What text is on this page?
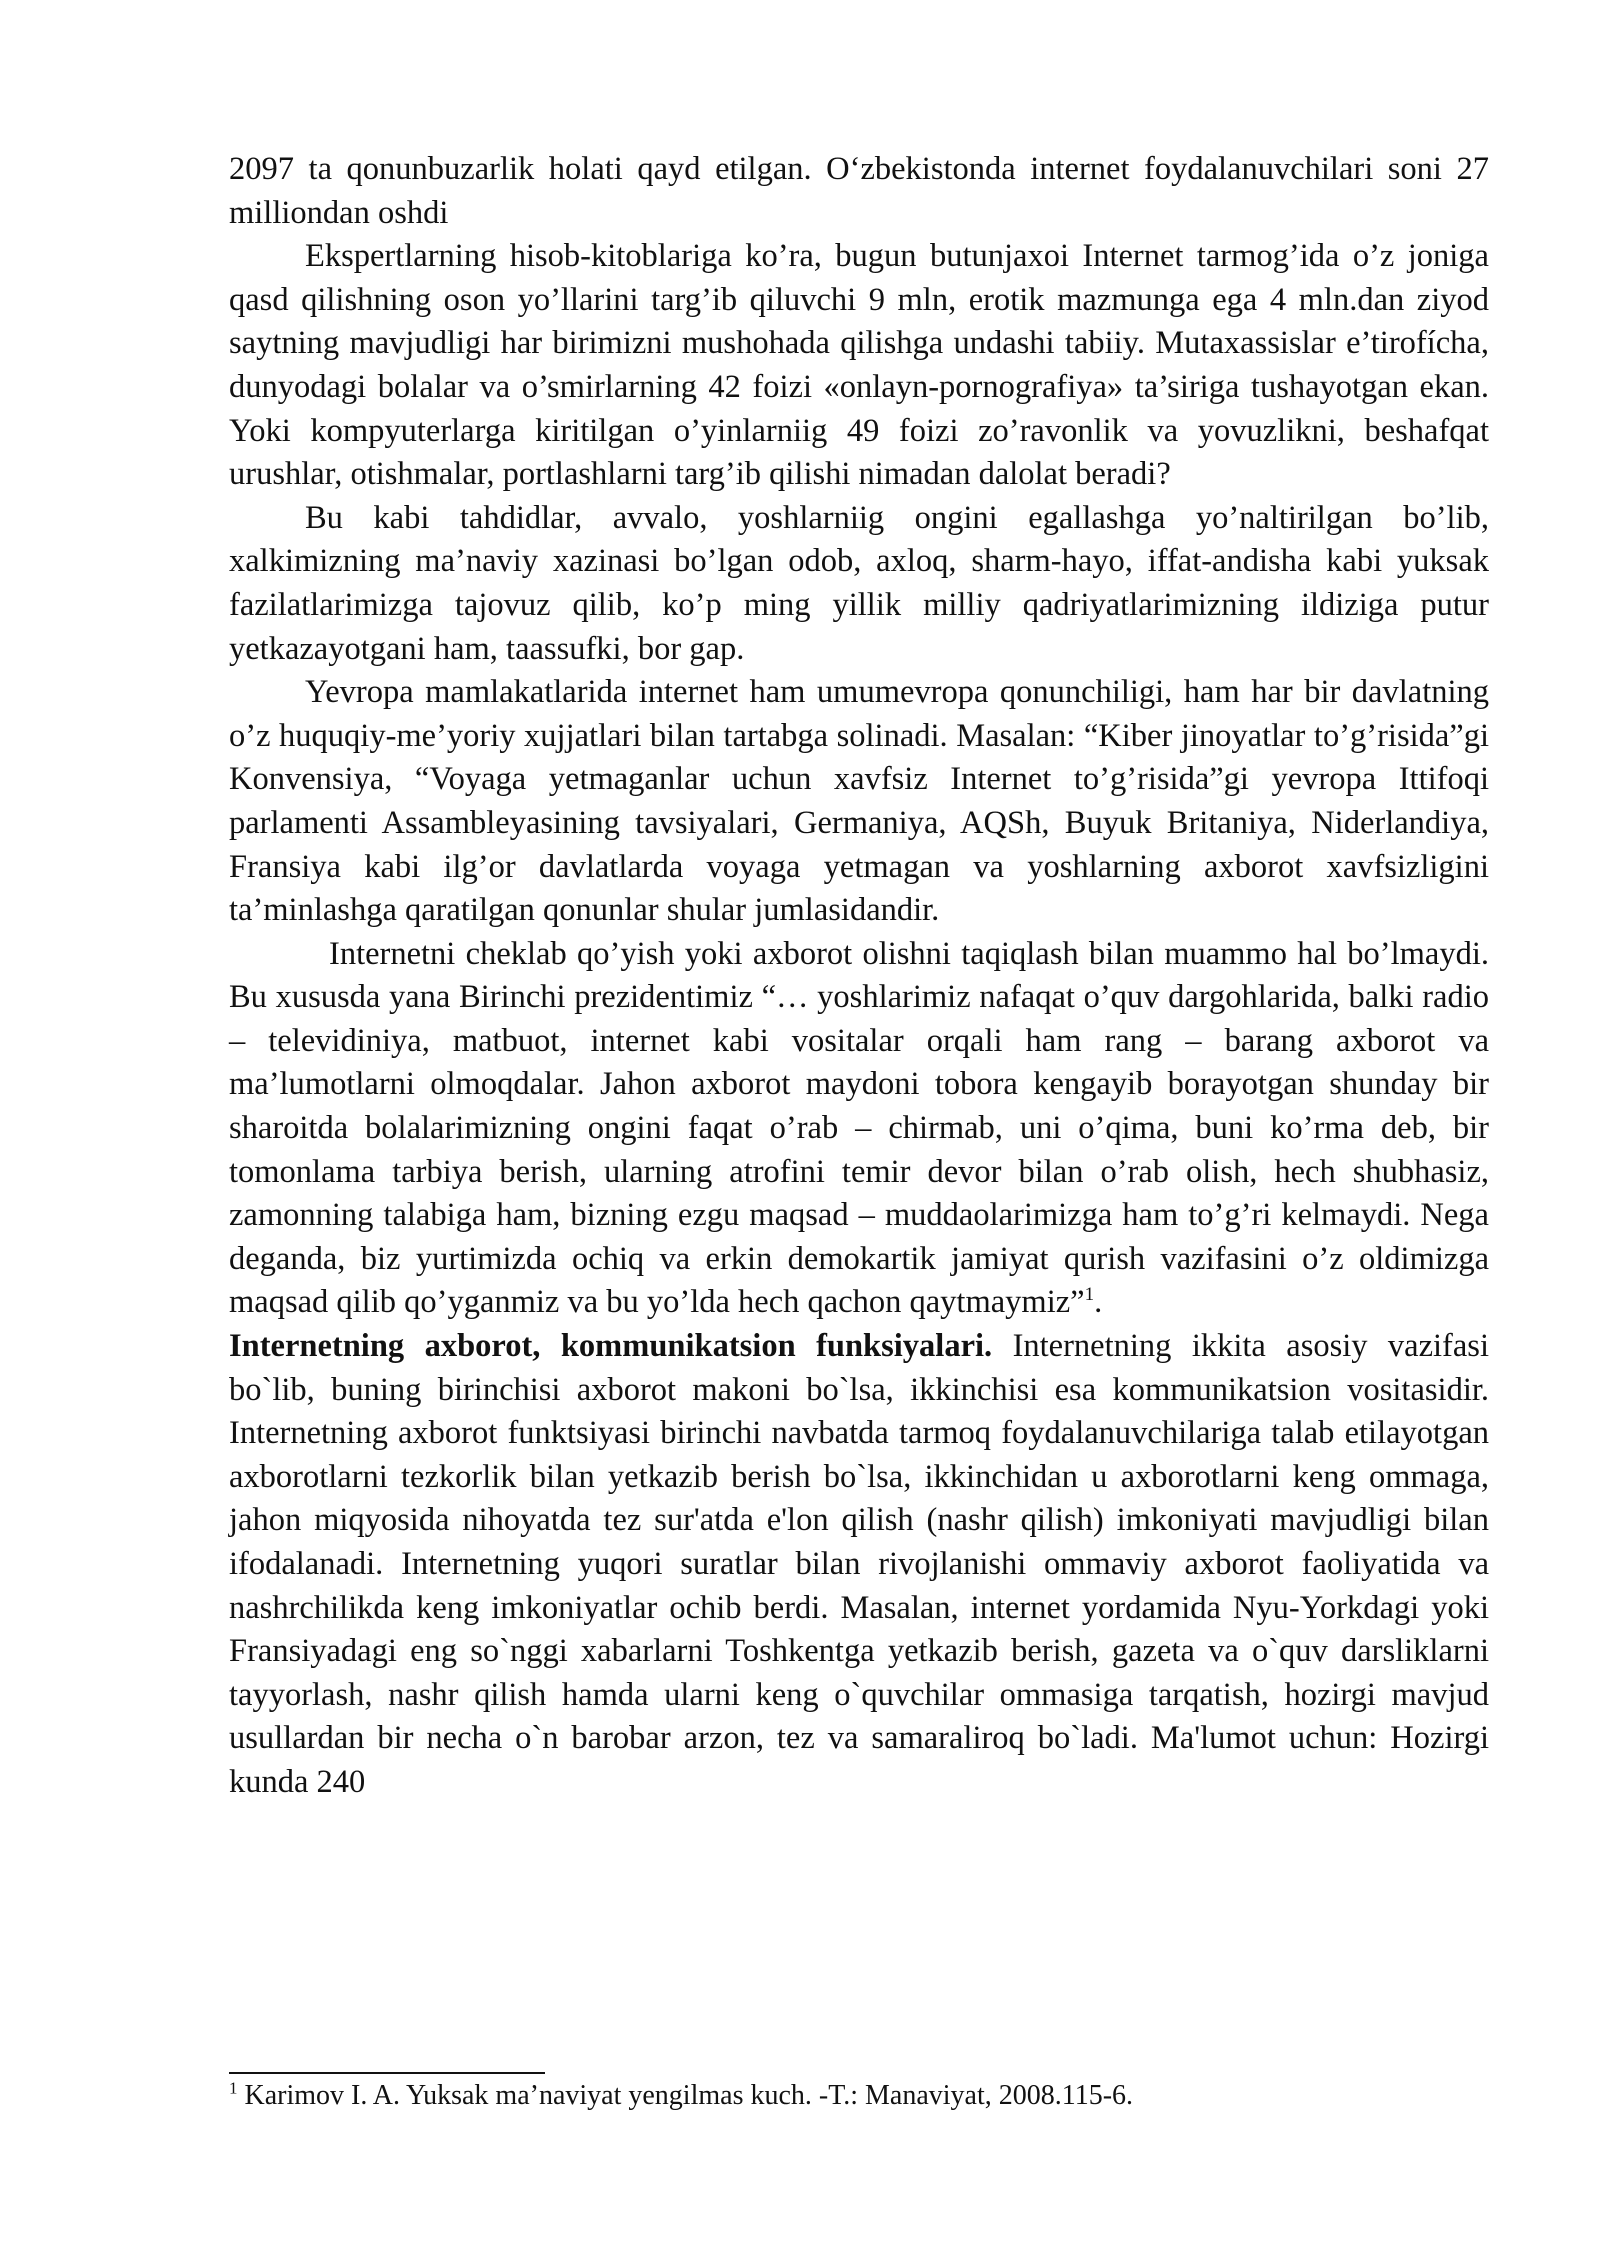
2097 ta qonunbuzarlik holati qayd etilgan. O‘zbekistonda internet foydalanuvchilari soni 27 milliondan oshdi

Ekspertlarning hisob-kitoblariga ko’ra, bugun butunjaxoi Internet tarmog’ida o’z joniga qasd qilishning oson yo’llarini targ’ib qiluvchi 9 mln, erotik mazmunga ega 4 mln.dan ziyod saytning mavjudligi har birimizni mushohada qilishga undashi tabiiy. Mutaxassislar e’tirofícha, dunyodagi bolalar va o’smirlarning 42 foizi «onlayn-pornografiya» ta’siriga tushayotgan ekan. Yoki kompyuterlarga kiritilgan o’yinlarniig 49 foizi zo’ravonlik va yovuzlikni, beshafqat urushlar, otishmalar, portlashlarni targ’ib qilishi nimadan dalolat beradi?

Bu kabi tahdidlar, avvalo, yoshlarniig ongini egallashga yo’naltirilgan bo’lib, xalkimizning ma’naviy xazinasi bo’lgan odob, axloq, sharm-hayo, iffat-andisha kabi yuksak fazilatlarimizga tajovuz qilib, ko’p ming yillik milliy qadriyatlarimizning ildiziga putur yetkazayotgani ham, taassufki, bor gap.

Yevropa mamlakatlarida internet ham umumevropa qonunchiligi, ham har bir davlatning o’z huquqiy-me’yoriy xujjatlari bilan tartabga solinadi. Masalan: “Kiber jinoyatlar to’g’risida”gi Konvensiya, “Voyaga yetmaganlar uchun xavfsiz Internet to’g’risida”gi yevropa Ittifoqi parlamenti Assambleyasining tavsiyalari, Germaniya, AQSh, Buyuk Britaniya, Niderlandiya, Fransiya kabi ilg’or davlatlarda voyaga yetmagan va yoshlarning axborot xavfsizligini ta’minlashga qaratilgan qonunlar shular jumlasidandir.

Internetni cheklab qo’yish yoki axborot olishni taqiqlash bilan muammo hal bo’lmaydi. Bu xususda yana Birinchi prezidentimiz “… yoshlarimiz nafaqat o’quv dargohlarida, balki radio – televidiniya, matbuot, internet kabi vositalar orqali ham rang – barang axborot va ma’lumotlarni olmoqdalar. Jahon axborot maydoni tobora kengayib borayotgan shunday bir sharoitda bolalarimizning ongini faqat o’rab – chirmab, uni o’qima, buni ko’rma deb, bir tomonlama tarbiya berish, ularning atrofini temir devor bilan o’rab olish, hech shubhasiz, zamonning talabiga ham, bizning ezgu maqsad – muddaolarimizga ham to’g’ri kelmaydi. Nega deganda, biz yurtimizda ochiq va erkin demokartik jamiyat qurish vazifasini o’z oldimizga maqsad qilib qo’yganmiz va bu yo’lda hech qachon qaytmaymiz”$^1$.

Internetning axborot, kommunikatsion funksiyalari. Internetning ikkita asosiy vazifasi bo`lib, buning birinchisi axborot makoni bo`lsa, ikkinchisi esa kommunikatsion vositasidir. Internetning axborot funktsiyasi birinchi navbatda tarmoq foydalanuvchilariga talab etilayotgan axborotlarni tezkorlik bilan yetkazib berish bo`lsa, ikkinchidan u axborotlarni keng ommaga, jahon miqyosida nihoyatda tez sur'atda e'lon qilish (nashr qilish) imkoniyati mavjudligi bilan ifodalanadi. Internetning yuqori suratlar bilan rivojlanishi ommaviy axborot faoliyatida va nashrchilikda keng imkoniyatlar ochib berdi. Masalan, internet yordamida Nyu-Yorkdagi yoki Fransiyadagi eng so`nggi xabarlarni Toshkentga yetkazib berish, gazeta va o`quv darsliklarni tayyorlash, nashr qilish hamda ularni keng o`quvchilar ommasiga tarqatish, hozirgi mavjud usullardan bir necha o`n barobar arzon, tez va samaraliroq bo`ladi. Ma'lumot uchun: Hozirgi kunda 240

$^1$ Karimov I. A. Yuksak ma’naviyat yengilmas kuch. -T.: Manaviyat, 2008.115-6.
